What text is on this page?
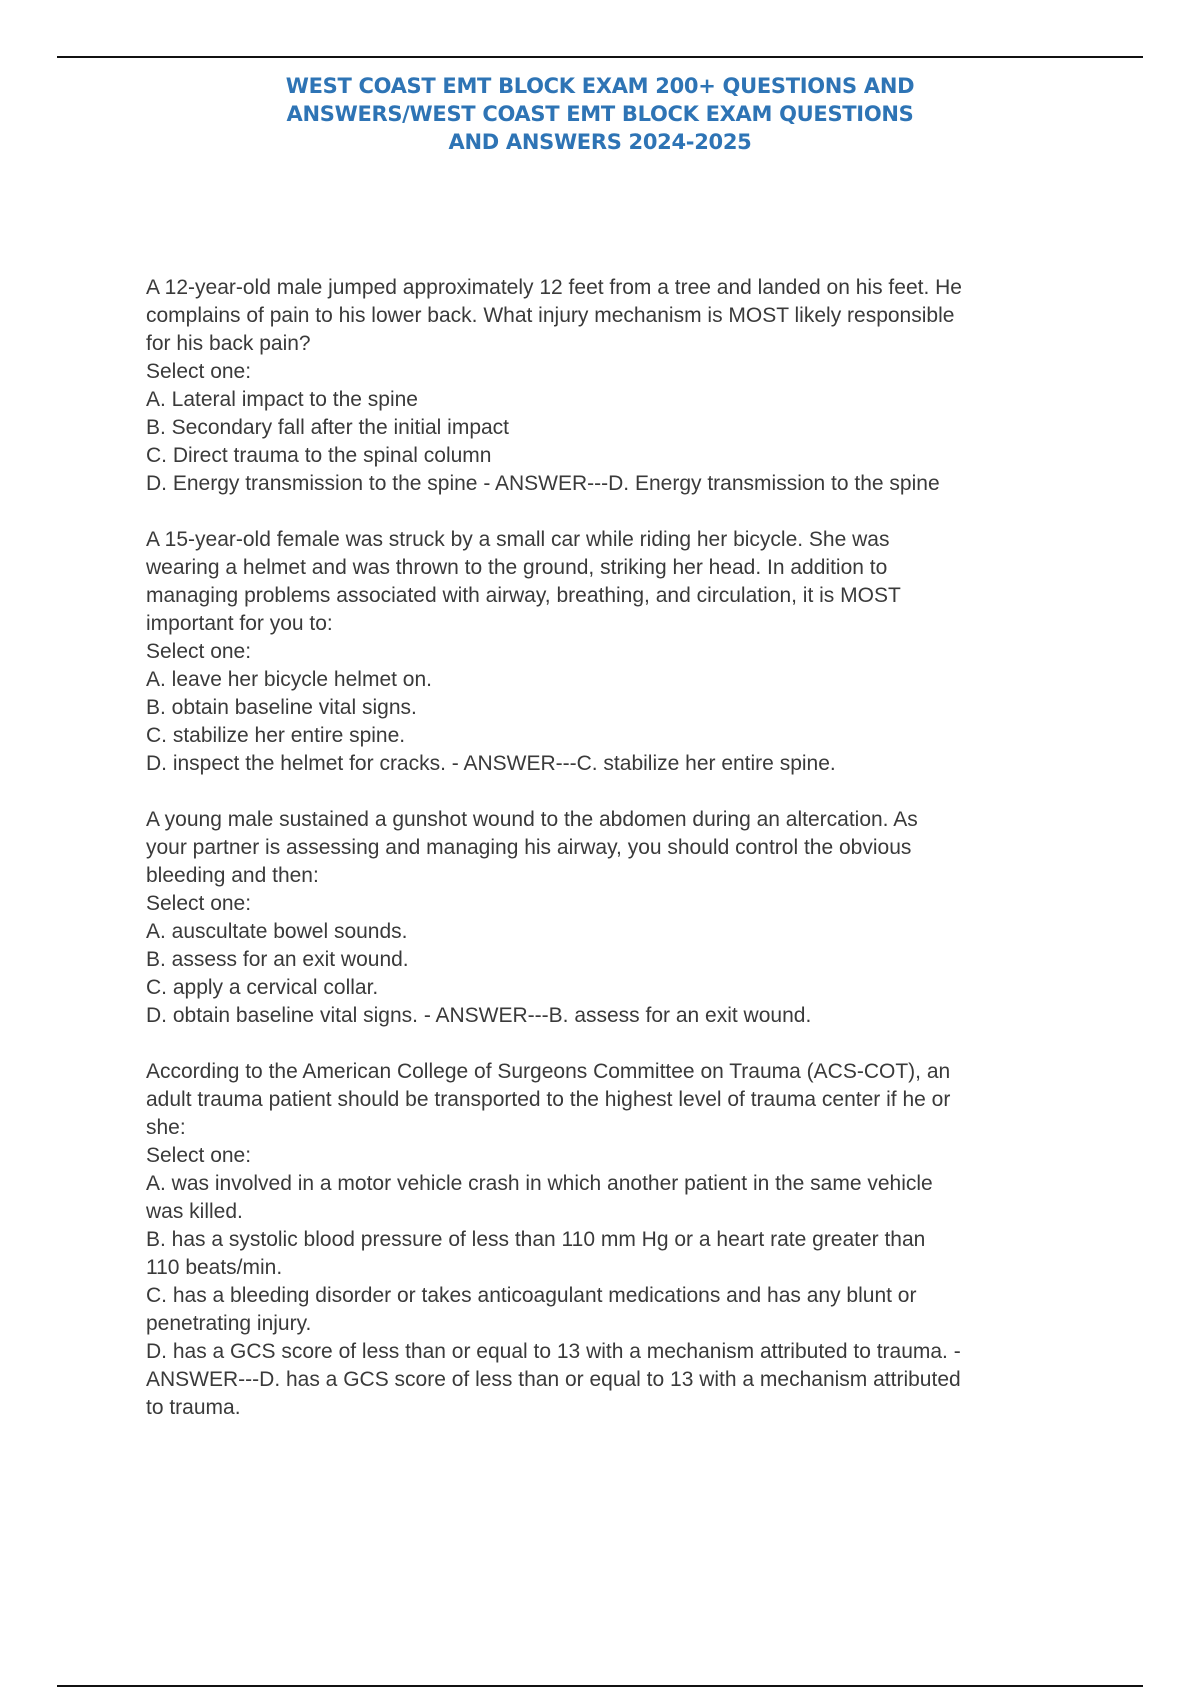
WEST COAST EMT BLOCK EXAM 200+ QUESTIONS AND
ANSWERS/WEST COAST EMT BLOCK EXAM QUESTIONS
AND ANSWERS 2024-2025
A 12-year-old male jumped approximately 12 feet from a tree and landed on his feet. He
complains of pain to his lower back. What injury mechanism is MOST likely responsible
for his back pain?
Select one:
A. Lateral impact to the spine
B. Secondary fall after the initial impact
C. Direct trauma to the spinal column
D. Energy transmission to the spine - ANSWER---D. Energy transmission to the spine
A 15-year-old female was struck by a small car while riding her bicycle. She was
wearing a helmet and was thrown to the ground, striking her head. In addition to
managing problems associated with airway, breathing, and circulation, it is MOST
important for you to:
Select one:
A. leave her bicycle helmet on.
B. obtain baseline vital signs.
C. stabilize her entire spine.
D. inspect the helmet for cracks. - ANSWER---C. stabilize her entire spine.
A young male sustained a gunshot wound to the abdomen during an altercation. As
your partner is assessing and managing his airway, you should control the obvious
bleeding and then:
Select one:
A. auscultate bowel sounds.
B. assess for an exit wound.
C. apply a cervical collar.
D. obtain baseline vital signs. - ANSWER---B. assess for an exit wound.
According to the American College of Surgeons Committee on Trauma (ACS-COT), an
adult trauma patient should be transported to the highest level of trauma center if he or
she:
Select one:
A. was involved in a motor vehicle crash in which another patient in the same vehicle
was killed.
B. has a systolic blood pressure of less than 110 mm Hg or a heart rate greater than
110 beats/min.
C. has a bleeding disorder or takes anticoagulant medications and has any blunt or
penetrating injury.
D. has a GCS score of less than or equal to 13 with a mechanism attributed to trauma. -
ANSWER---D. has a GCS score of less than or equal to 13 with a mechanism attributed
to trauma.
